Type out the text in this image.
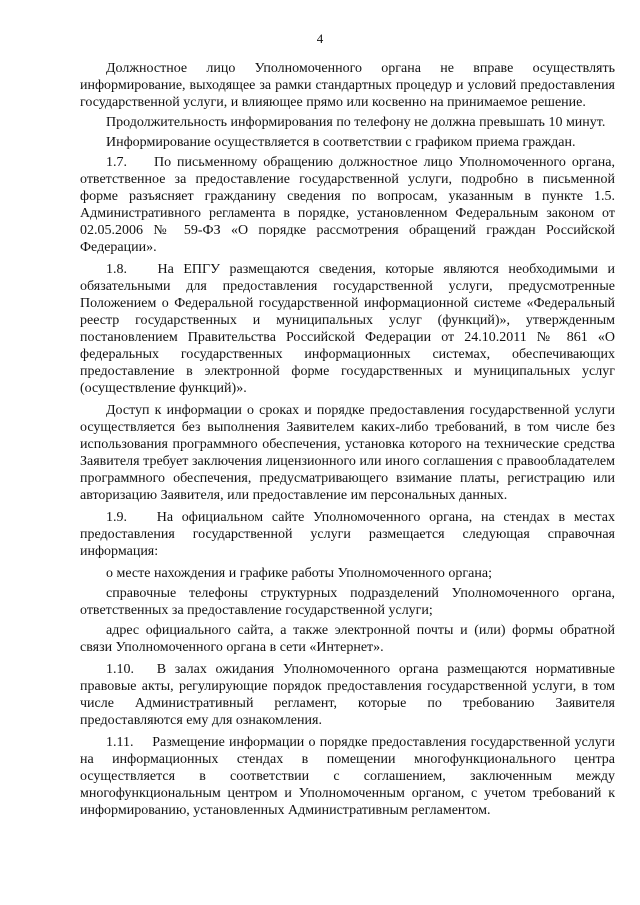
4

Должностное лицо Уполномоченного органа не вправе осуществлять информирование, выходящее за рамки стандартных процедур и условий предоставления государственной услуги, и влияющее прямо или косвенно на принимаемое решение.

Продолжительность информирования по телефону не должна превышать 10 минут.

Информирование осуществляется в соответствии с графиком приема граждан.

1.7. По письменному обращению должностное лицо Уполномоченного органа, ответственное за предоставление государственной услуги, подробно в письменной форме разъясняет гражданину сведения по вопросам, указанным в пункте 1.5. Административного регламента в порядке, установленном Федеральным законом от 02.05.2006 № 59-ФЗ «О порядке рассмотрения обращений граждан Российской Федерации».

1.8. На ЕПГУ размещаются сведения, которые являются необходимыми и обязательными для предоставления государственной услуги, предусмотренные Положением о Федеральной государственной информационной системе «Федеральный реестр государственных и муниципальных услуг (функций)», утвержденным постановлением Правительства Российской Федерации от 24.10.2011 № 861 «О федеральных государственных информационных системах, обеспечивающих предоставление в электронной форме государственных и муниципальных услуг (осуществление функций)».

Доступ к информации о сроках и порядке предоставления государственной услуги осуществляется без выполнения Заявителем каких-либо требований, в том числе без использования программного обеспечения, установка которого на технические средства Заявителя требует заключения лицензионного или иного соглашения с правообладателем программного обеспечения, предусматривающего взимание платы, регистрацию или авторизацию Заявителя, или предоставление им персональных данных.

1.9. На официальном сайте Уполномоченного органа, на стендах в местах предоставления государственной услуги размещается следующая справочная информация:

о месте нахождения и графике работы Уполномоченного органа;

справочные телефоны структурных подразделений Уполномоченного органа, ответственных за предоставление государственной услуги;

адрес официального сайта, а также электронной почты и (или) формы обратной связи Уполномоченного органа в сети «Интернет».

1.10. В залах ожидания Уполномоченного органа размещаются нормативные правовые акты, регулирующие порядок предоставления государственной услуги, в том числе Административный регламент, которые по требованию Заявителя предоставляются ему для ознакомления.

1.11. Размещение информации о порядке предоставления государственной услуги на информационных стендах в помещении многофункционального центра осуществляется в соответствии с соглашением, заключенным между многофункциональным центром и Уполномоченным органом, с учетом требований к информированию, установленных Административным регламентом.
